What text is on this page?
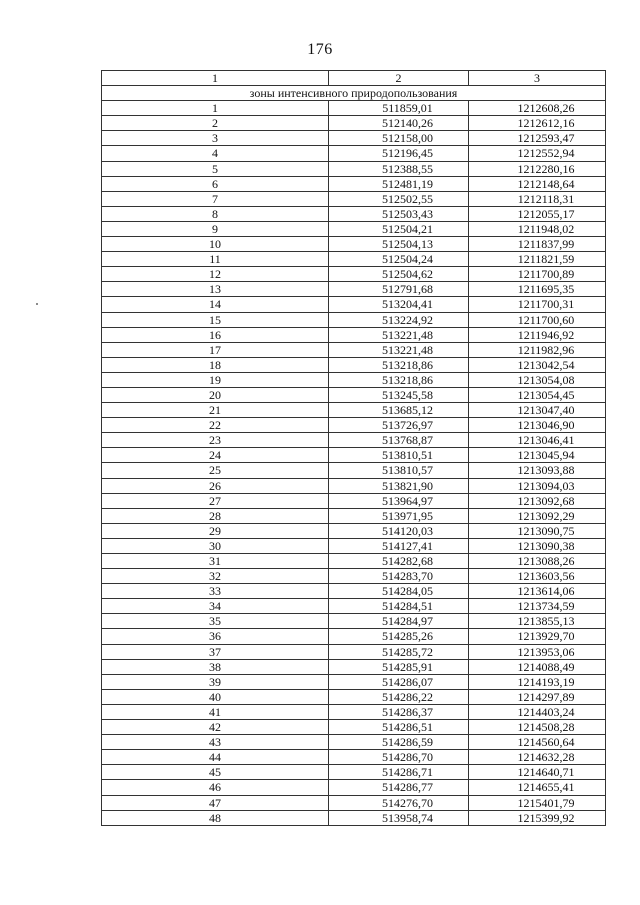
176
1	2	3
зоны интенсивного природопользования		
1	511859,01	1212608,26
2	512140,26	1212612,16
3	512158,00	1212593,47
4	512196,45	1212552,94
5	512388,55	1212280,16
6	512481,19	1212148,64
7	512502,55	1212118,31
8	512503,43	1212055,17
9	512504,21	1211948,02
10	512504,13	1211837,99
11	512504,24	1211821,59
12	512504,62	1211700,89
13	512791,68	1211695,35
14	513204,41	1211700,31
15	513224,92	1211700,60
16	513221,48	1211946,92
17	513221,48	1211982,96
18	513218,86	1213042,54
19	513218,86	1213054,08
20	513245,58	1213054,45
21	513685,12	1213047,40
22	513726,97	1213046,90
23	513768,87	1213046,41
24	513810,51	1213045,94
25	513810,57	1213093,88
26	513821,90	1213094,03
27	513964,97	1213092,68
28	513971,95	1213092,29
29	514120,03	1213090,75
30	514127,41	1213090,38
31	514282,68	1213088,26
32	514283,70	1213603,56
33	514284,05	1213614,06
34	514284,51	1213734,59
35	514284,97	1213855,13
36	514285,26	1213929,70
37	514285,72	1213953,06
38	514285,91	1214088,49
39	514286,07	1214193,19
40	514286,22	1214297,89
41	514286,37	1214403,24
42	514286,51	1214508,28
43	514286,59	1214560,64
44	514286,70	1214632,28
45	514286,71	1214640,71
46	514286,77	1214655,41
47	514276,70	1215401,79
48	513958,74	1215399,92
